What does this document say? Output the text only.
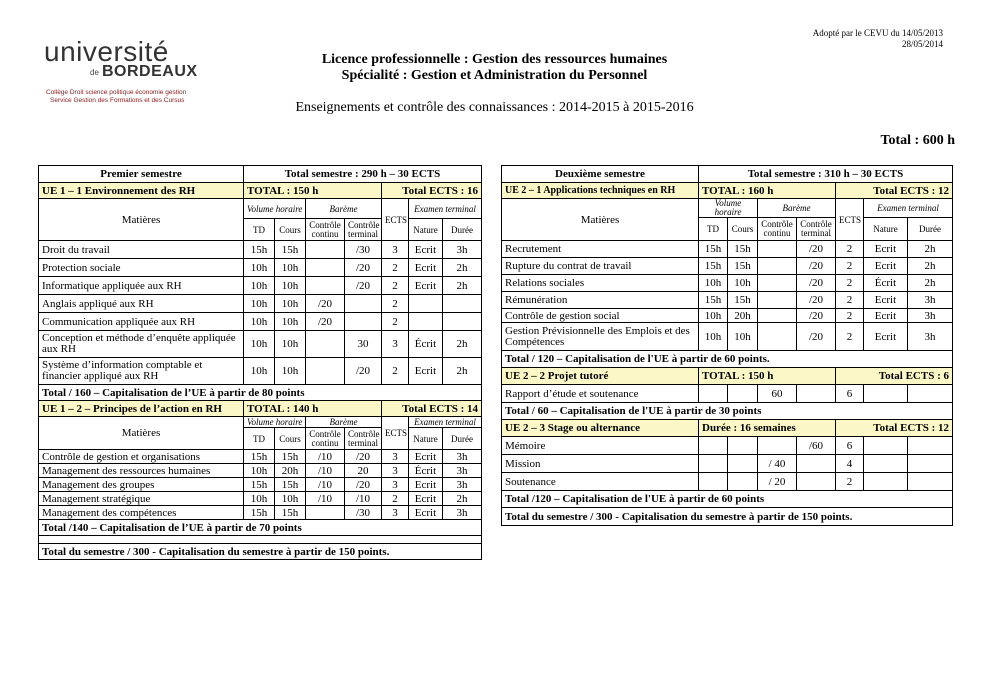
université
de BORDEAUX
Collège Droit science politique économie gestion
Service Gestion des Formations et des Cursus
Adopté par le CEVU du 14/05/2013
28/05/2014
Licence professionnelle : Gestion des ressources humaines
Spécialité : Gestion et Administration du Personnel
Enseignements et contrôle des connaissances : 2014-2015 à 2015-2016
Total : 600 h
Premier semestre	Total semestre : 290 h – 30 ECTS						
UE 1 – 1 Environnement des RH	TOTAL : 150 h				Total ECTS : 16		
Matières	Volume horaire		Barème		ECTS	Examen terminal	
	TD	Cours	Contrôle continu	Contrôle terminal		Nature	Durée
Droit du travail	15h	15h		/30	3	Ecrit	3h
Protection sociale	10h	10h		/20	2	Ecrit	2h
Informatique appliquée aux RH	10h	10h		/20	2	Ecrit	2h
Anglais appliqué aux RH	10h	10h	/20		2		
Communication appliquée aux RH	10h	10h	/20		2		
Conception et méthode d’enquête appliquée aux RH	10h	10h		30	3	Écrit	2h
Système d’information comptable et financier appliqué aux RH	10h	10h		/20	2	Ecrit	2h
Total / 160 – Capitalisation de l’UE à partir de 80 points							
UE 1 – 2 – Principes de l’action en RH	TOTAL : 140 h				Total ECTS : 14		
Matières	Volume horaire		Barème		ECTS	Examen terminal	
	TD	Cours	Contrôle continu	Contrôle terminal		Nature	Durée
Contrôle de gestion et organisations	15h	15h	/10	/20	3	Ecrit	3h
Management des ressources humaines	10h	20h	/10	20	3	Écrit	3h
Management des groupes	15h	15h	/10	/20	3	Ecrit	3h
Management stratégique	10h	10h	/10	/10	2	Ecrit	2h
Management des compétences	15h	15h		/30	3	Ecrit	3h
Total /140 – Capitalisation de l’UE à partir de 70 points							

Total du semestre / 300 - Capitalisation du semestre à partir de 150 points.							
Deuxième semestre	Total semestre : 310 h – 30 ECTS						
UE 2 – 1 Applications techniques en RH	TOTAL : 160 h				Total ECTS : 12		
Matières	Volume horaire		Barème		ECTS	Examen terminal	
	TD	Cours	Contrôle continu	Contrôle terminal		Nature	Durée
Recrutement	15h	15h		/20	2	Ecrit	2h
Rupture du contrat de travail	15h	15h		/20	2	Ecrit	2h
Relations sociales	10h	10h		/20	2	Écrit	2h
Rémunération	15h	15h		/20	2	Ecrit	3h
Contrôle de gestion social	10h	20h		/20	2	Ecrit	3h
Gestion Prévisionnelle des Emplois et des Compétences	10h	10h		/20	2	Ecrit	3h
Total / 120 – Capitalisation de l'UE à partir de 60 points.							
UE 2 – 2 Projet tutoré	TOTAL : 150 h				Total ECTS : 6		
Rapport d’étude et soutenance			60		6		
Total / 60 – Capitalisation de l'UE à partir de 30 points							
UE 2 – 3 Stage ou alternance	Durée : 16 semaines				Total ECTS : 12		
Mémoire				/60	6		
Mission			/ 40		4		
Soutenance			/ 20		2		
Total /120 – Capitalisation de l'UE à partir de 60 points							
Total du semestre / 300 - Capitalisation du semestre à partir de 150 points.							
